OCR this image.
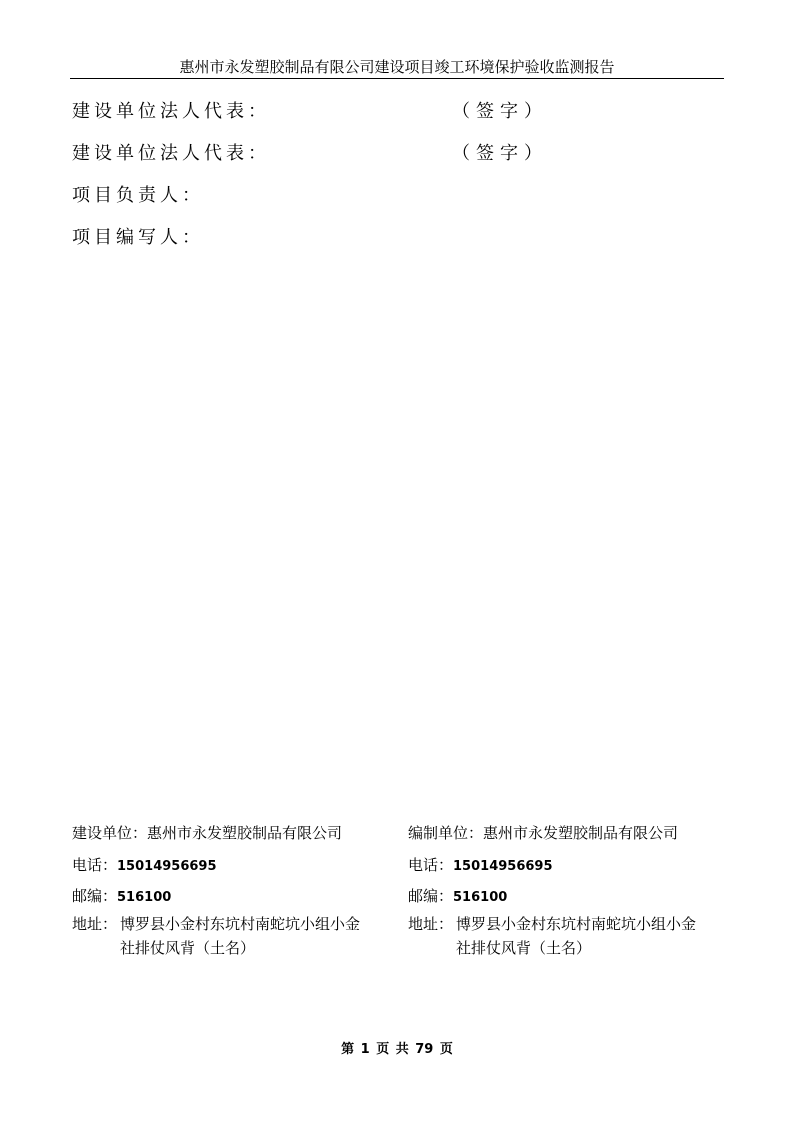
惠州市永发塑胶制品有限公司建设项目竣工环境保护验收监测报告
建设单位法人代表：	（签字）
建设单位法人代表：	（签字）
项目负责人：
项目编写人：
建设单位：惠州市永发塑胶制品有限公司
电话：15014956695
邮编：516100
地址： 博罗县小金村东坑村南蛇坑小组小金社排仗风背（土名）
编制单位：惠州市永发塑胶制品有限公司
电话：15014956695
邮编：516100
地址： 博罗县小金村东坑村南蛇坑小组小金社排仗风背（土名）
第 1 页 共 79 页
